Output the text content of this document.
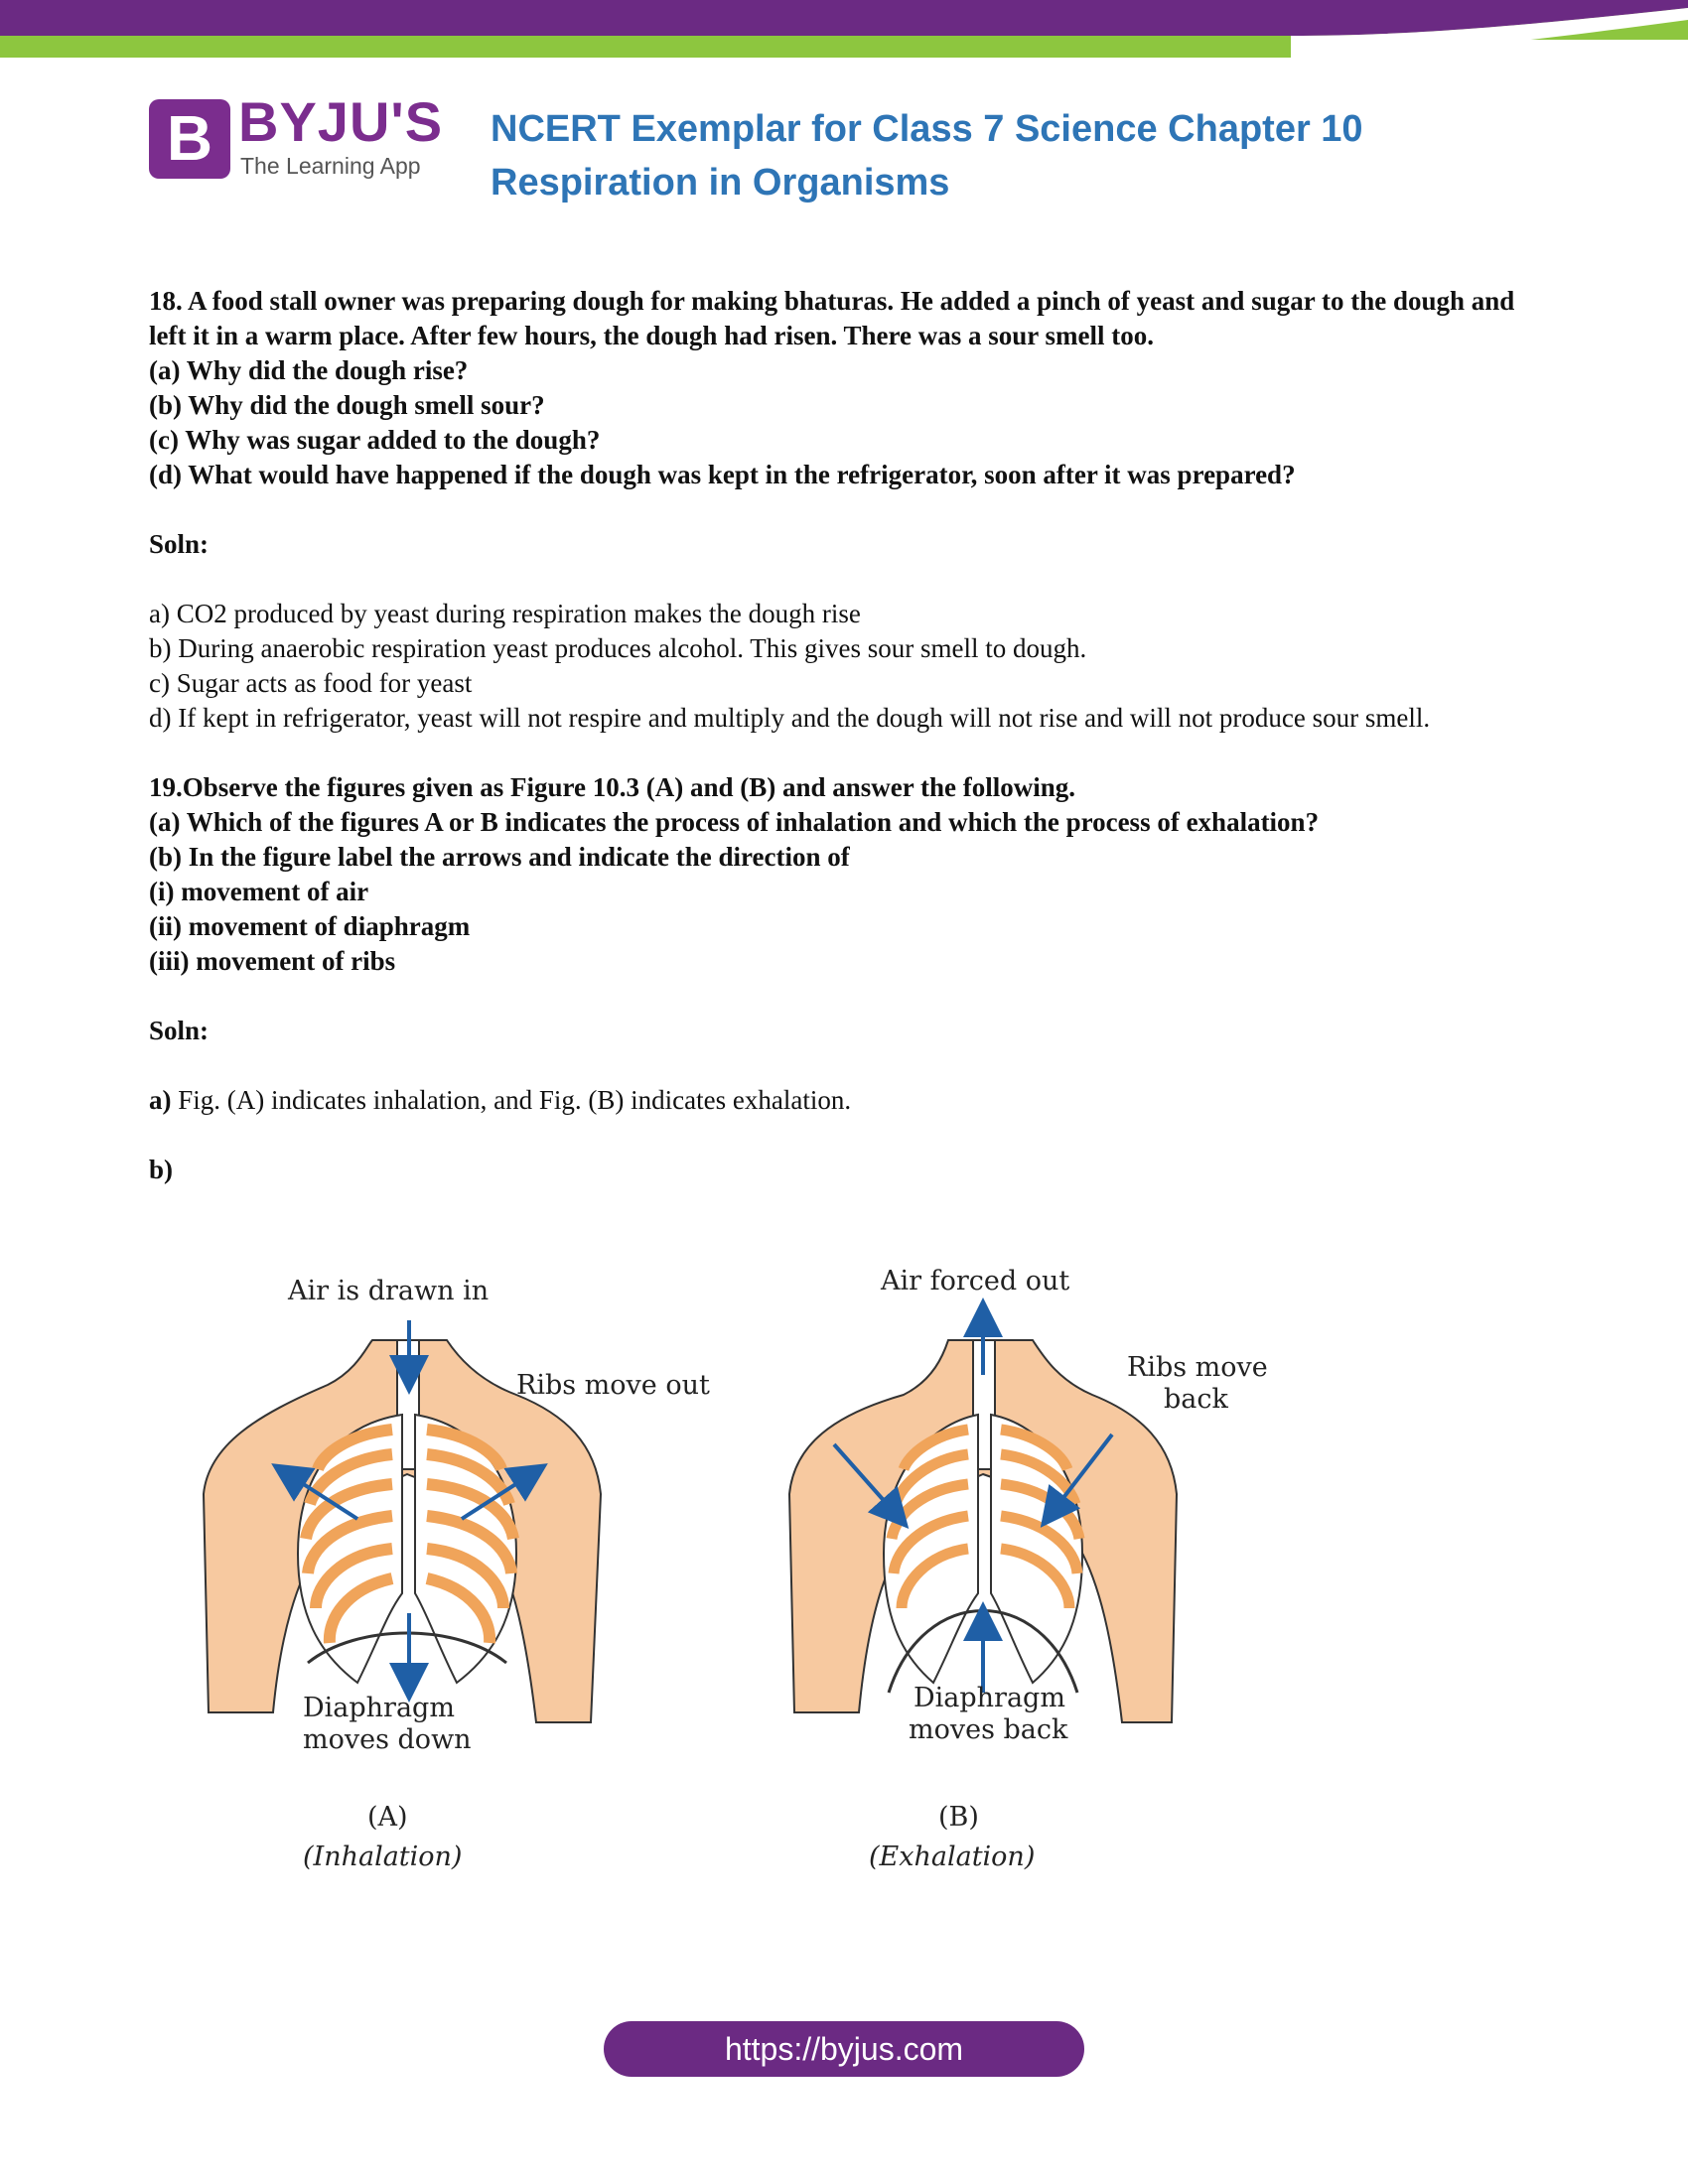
B BYJU'S
The Learning App
NCERT Exemplar for Class 7 Science Chapter 10 Respiration in Organisms

18. A food stall owner was preparing dough for making bhaturas. He added a pinch of yeast and sugar to the dough and left it in a warm place. After few hours, the dough had risen. There was a sour smell too.

(a) Why did the dough rise?

(b) Why did the dough smell sour?

(c) Why was sugar added to the dough?

(d) What would have happened if the dough was kept in the refrigerator, soon after it was prepared?

Soln:

a) CO2 produced by yeast during respiration makes the dough rise

b) During anaerobic respiration yeast produces alcohol. This gives sour smell to dough.

c) Sugar acts as food for yeast

d) If kept in refrigerator, yeast will not respire and multiply and the dough will not rise and will not produce sour smell.

19.Observe the figures given as Figure 10.3 (A) and (B) and answer the following.

(a) Which of the figures A or B indicates the process of inhalation and which the process of exhalation?

(b) In the figure label the arrows and indicate the direction of

(i) movement of air

(ii) movement of diaphragm

(iii) movement of ribs

Soln:

a) Fig. (A) indicates inhalation, and Fig. (B) indicates exhalation.

b)

Air is drawn in
Ribs move out
Diaphragm
moves down
(A)
(Inhalation)
Air forced out
Ribs move
back
Diaphragm
moves back
(B)
(Exhalation)
https://byjus.com
